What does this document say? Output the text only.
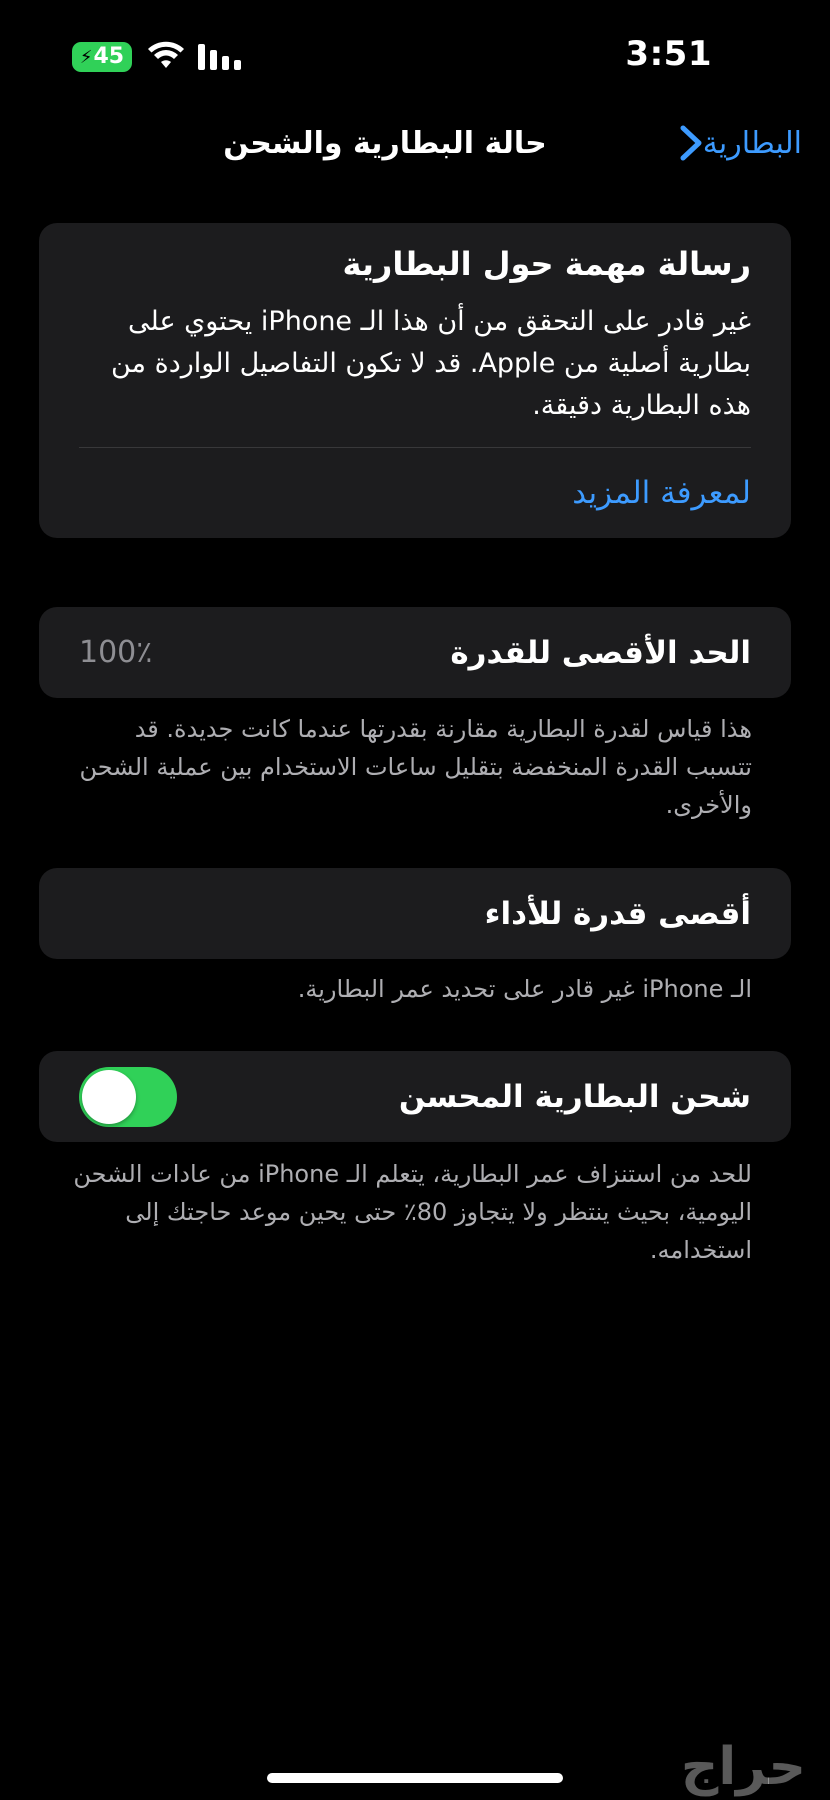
⚡45	3:51
حالة البطارية والشحن	البطارية
رسالة مهمة حول البطارية
غير قادر على التحقق من أن هذا الـ iPhone يحتوي على بطارية أصلية من Apple. قد لا تكون التفاصيل الواردة من هذه البطارية دقيقة.
لمعرفة المزيد
الحد الأقصى للقدرة
100٪
هذا قياس لقدرة البطارية مقارنة بقدرتها عندما كانت جديدة. قد تتسبب القدرة المنخفضة بتقليل ساعات الاستخدام بين عملية الشحن والأخرى.
أقصى قدرة للأداء
الـ iPhone غير قادر على تحديد عمر البطارية.
شحن البطارية المحسن
للحد من استنزاف عمر البطارية، يتعلم الـ iPhone من عادات الشحن اليومية، بحيث ينتظر ولا يتجاوز 80٪ حتى يحين موعد حاجتك إلى استخدامه.
حراج
